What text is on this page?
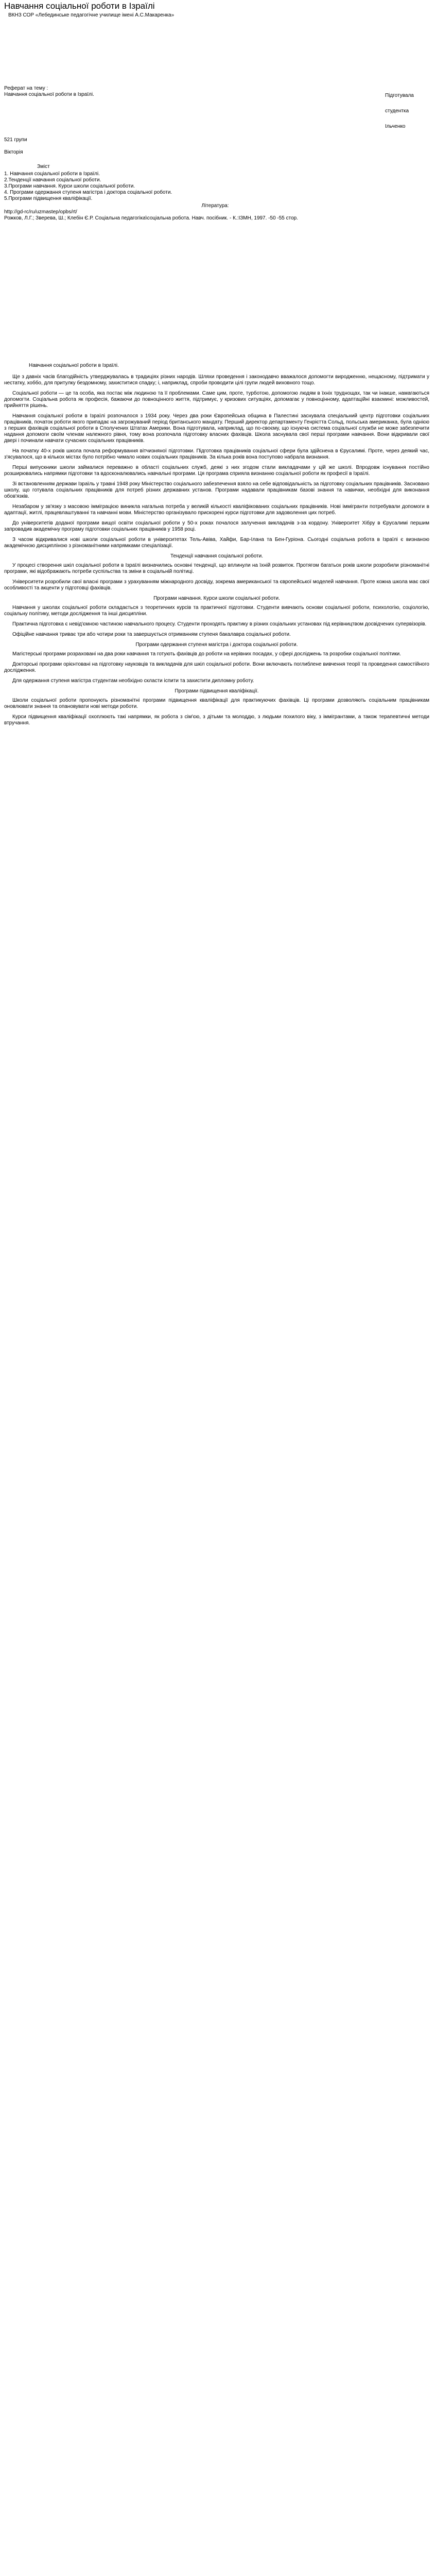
Навчання соціальної роботи в Ізраїлі
ВКНЗ СОР «Лебединське педагогічне училище імені А.С.Макаренка»
Підготувала
студентка
Ільченко
Реферат на тему :
Навчання соціальної роботи в Ізраїлі.
521 групи
Вікторія
Зміст
1. Навчання соціальної роботи в Ізраїлі.
2.Тенденції навчання соціальної роботи.
3.Програми навчання. Курси школи соціальної роботи.
4. Програми одержання ступеня магістра і доктора соціальної роботи.
5.Програми підвищення кваліфікації.
Література:
http://gd-rc/ru/uzmastep/opbs/rt/
Рожков, Л.Г.; Зверева, Ш.; Клебін Є.Р. Соціальна педагогіка\соціальна робота. Навч. посібник. - К.:ІЗМН, 1997. -50 -55 стор.
Навчання соціальної роботи в Ізраїлі.
Ще з давніх часів благодійність утверджувалась в традиціях різних народів. Шляхи проведення і законодавчо вважалося допомогти виродженню, нещасному, підтримати у нестатку, хоббо, для притулку бездомному, захиститися спадку; і, наприклад, спроби проводити цілі групи людей виховного тощо.
Соціальної роботи — це та особа, яка постає між людиною та її проблемами. Саме цим, проте, турботою, допомогою людям в їхніх труднощах, так чи інакше, намагаються допомогти. Соціальна робота як професія, бажаючи до повноцінного життя, підтримує, у кризових ситуаціях, допомагає у повноцінному, адаптаційні взаємині: можливостей, прийняття рішень.
Навчання соціальної роботи в Ізраїлі розпочалося з 1934 року. Через два роки Європейська община в Палестині заснувала спеціальний центр підготовки соціальних працівників, початок роботи якого припадає на загрожуваний період британського мандату. Перший директор департаменту Генрієтта Сольд, польська американка, була однією з перших фахівців соціальної роботи в Сполучених Штатах Америки. Вона підготувала, наприклад, що по-своєму, що існуюча система соціальної служби не може забезпечити надання допомоги своїм членам належного рівня, тому вона розпочала підготовку власних фахівців. Школа заснувала свої перші програми навчання. Вони відкривали свої двері і починали навчати сучасних соціальних працівників.
На початку 40-х років школа почала реформування вітчизняної підготовки. Підготовка працівників соціальної сфери була здійснена в Єрусалимі. Проте, через деякий час, з'ясувалося, що в кількох містах було потрібно чимало нових соціальних працівників. За кілька років вона поступово набрала визнання.
Перші випускники школи займалися переважно в області соціальних служб, деякі з них згодом стали викладачами у цій же школі. Впродовж існування постійно розширювались напрямки підготовки та вдосконалювались навчальні програми. Ця програма сприяла визнанню соціальної роботи як професії в Ізраїлі.
Зі встановленням держави Ізраїль у травні 1948 року Міністерство соціального забезпечення взяло на себе відповідальність за підготовку соціальних працівників. Засновано школу, що готувала соціальних працівників для потреб різних державних установ. Програми надавали працівникам базові знання та навички, необхідні для виконання обов'язків.
Незабаром у зв'язку з масовою імміграцією виникла нагальна потреба у великій кількості кваліфікованих соціальних працівників. Нові іммігранти потребували допомоги в адаптації, житлі, працевлаштуванні та навчанні мови. Міністерство організувало прискорені курси підготовки для задоволення цих потреб.
До університетів доданої програми вищої освіти соціальної роботи у 50-х роках почалося залучення викладачів з-за кордону. Університет Хібру в Єрусалимі першим запровадив академічну програму підготовки соціальних працівників у 1958 році.
З часом відкривалися нові школи соціальної роботи в університетах Тель-Авіва, Хайфи, Бар-Ілана та Бен-Гуріона. Сьогодні соціальна робота в Ізраїлі є визнаною академічною дисципліною з різноманітними напрямками спеціалізації.
Тенденції навчання соціальної роботи.
У процесі створення шкіл соціальної роботи в Ізраїлі визначились основні тенденції, що вплинули на їхній розвиток. Протягом багатьох років школи розробили різноманітні програми, які відображають потреби суспільства та зміни в соціальній політиці.
Університети розробили свої власні програми з урахуванням міжнародного досвіду, зокрема американської та європейської моделей навчання. Проте кожна школа має свої особливості та акценти у підготовці фахівців.
Програми навчання. Курси школи соціальної роботи.
Навчання у школах соціальної роботи складається з теоретичних курсів та практичної підготовки. Студенти вивчають основи соціальної роботи, психологію, соціологію, соціальну політику, методи дослідження та інші дисципліни.
Практична підготовка є невід'ємною частиною навчального процесу. Студенти проходять практику в різних соціальних установах під керівництвом досвідчених супервізорів.
Офіційне навчання триває три або чотири роки та завершується отриманням ступеня бакалавра соціальної роботи.
Програми одержання ступеня магістра і доктора соціальної роботи.
Магістерські програми розраховані на два роки навчання та готують фахівців до роботи на керівних посадах, у сфері досліджень та розробки соціальної політики.
Докторські програми орієнтовані на підготовку науковців та викладачів для шкіл соціальної роботи. Вони включають поглиблене вивчення теорії та проведення самостійного дослідження.
Для одержання ступеня магістра студентам необхідно скласти іспити та захистити дипломну роботу.
Програми підвищення кваліфікації.
Школи соціальної роботи пропонують різноманітні програми підвищення кваліфікації для практикуючих фахівців. Ці програми дозволяють соціальним працівникам оновлювати знання та опановувати нові методи роботи.
Курси підвищення кваліфікації охоплюють такі напрямки, як робота з сім'єю, з дітьми та молоддю, з людьми похилого віку, з іммігрантами, а також терапевтичні методи втручання.
